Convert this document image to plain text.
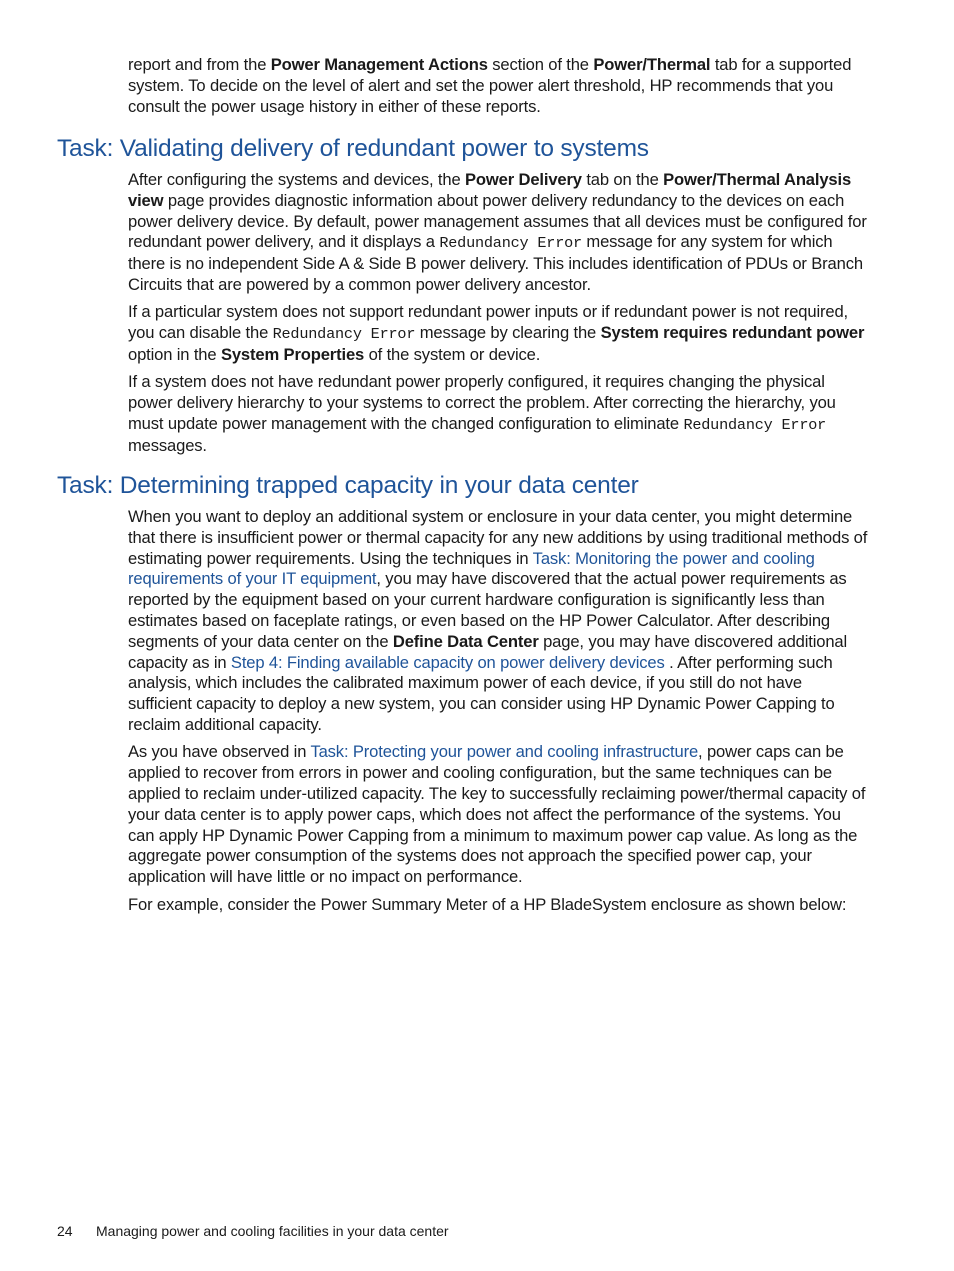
report and from the Power Management Actions section of the Power/Thermal tab for a supported system. To decide on the level of alert and set the power alert threshold, HP recommends that you consult the power usage history in either of these reports.

Task: Validating delivery of redundant power to systems

After configuring the systems and devices, the Power Delivery tab on the Power/Thermal Analysis view page provides diagnostic information about power delivery redundancy to the devices on each power delivery device. By default, power management assumes that all devices must be configured for redundant power delivery, and it displays a Redundancy Error message for any system for which there is no independent Side A & Side B power delivery. This includes identification of PDUs or Branch Circuits that are powered by a common power delivery ancestor.

If a particular system does not support redundant power inputs or if redundant power is not required, you can disable the Redundancy Error message by clearing the System requires redundant power option in the System Properties of the system or device.

If a system does not have redundant power properly configured, it requires changing the physical power delivery hierarchy to your systems to correct the problem. After correcting the hierarchy, you must update power management with the changed configuration to eliminate Redundancy Error messages.

Task: Determining trapped capacity in your data center

When you want to deploy an additional system or enclosure in your data center, you might determine that there is insufficient power or thermal capacity for any new additions by using traditional methods of estimating power requirements. Using the techniques in Task: Monitoring the power and cooling requirements of your IT equipment, you may have discovered that the actual power requirements as reported by the equipment based on your current hardware configuration is significantly less than estimates based on faceplate ratings, or even based on the HP Power Calculator. After describing segments of your data center on the Define Data Center page, you may have discovered additional capacity as in Step 4: Finding available capacity on power delivery devices . After performing such analysis, which includes the calibrated maximum power of each device, if you still do not have sufficient capacity to deploy a new system, you can consider using HP Dynamic Power Capping to reclaim additional capacity.

As you have observed in Task: Protecting your power and cooling infrastructure, power caps can be applied to recover from errors in power and cooling configuration, but the same techniques can be applied to reclaim under-utilized capacity. The key to successfully reclaiming power/thermal capacity of your data center is to apply power caps, which does not affect the performance of the systems. You can apply HP Dynamic Power Capping from a minimum to maximum power cap value. As long as the aggregate power consumption of the systems does not approach the specified power cap, your application will have little or no impact on performance.

For example, consider the Power Summary Meter of a HP BladeSystem enclosure as shown below:

24 Managing power and cooling facilities in your data center
